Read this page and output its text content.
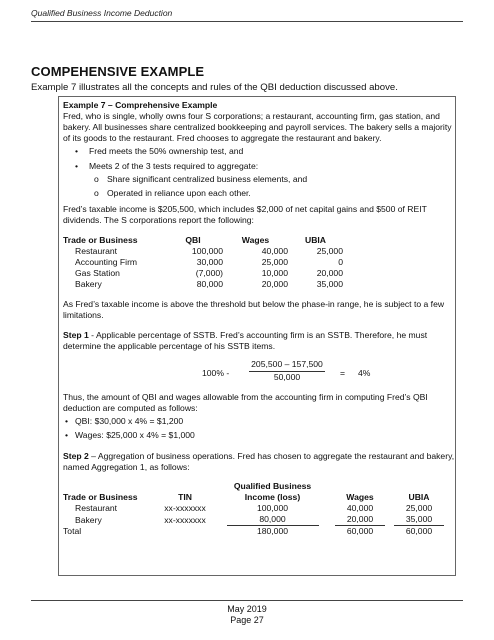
Qualified Business Income Deduction
COMPEHENSIVE EXAMPLE
Example 7 illustrates all the concepts and rules of the QBI deduction discussed above.

Example 7 – Comprehensive Example

Fred, who is single, wholly owns four S corporations; a restaurant, accounting firm, gas station, and bakery. All businesses share centralized bookkeeping and payroll services. The bakery sells a majority of its goods to the restaurant. Fred chooses to aggregate the restaurant and bakery.

• Fred meets the 50% ownership test, and
• Meets 2 of the 3 tests required to aggregate:
o Share significant centralized business elements, and
o Operated in reliance upon each other.

Fred’s taxable income is $205,500, which includes $2,000 of net capital gains and $500 of REIT dividends. The S corporations report the following:

Trade or Business	QBI	Wages	UBIA
Restaurant	100,000	40,000	25,000
Accounting Firm	30,000	25,000	0
Gas Station	(7,000)	10,000	20,000
Bakery	80,000	20,000	35,000

As Fred’s taxable income is above the threshold but below the phase-in range, he is subject to a few limitations.

Step 1 - Applicable percentage of SSTB. Fred’s accounting firm is an SSTB. Therefore, he must determine the applicable percentage of his SSTB items.

$100\% - \frac{205,500 - 157,500}{50,000} = 4\%$

Thus, the amount of QBI and wages allowable from the accounting firm in computing Fred’s QBI deduction are computed as follows:

• QBI: $30,000 x 4% = $1,200
• Wages: $25,000 x 4% = $1,000

Step 2 – Aggregation of business operations. Fred has chosen to aggregate the restaurant and bakery, named Aggregation 1, as follows:

Trade or Business	TIN	Qualified Business Income (loss)	Wages	UBIA
Restaurant	xx-xxxxxxx	100,000	40,000	25,000
Bakery	xx-xxxxxxx	80,000	20,000	35,000
Total		180,000	60,000	60,000
May 2019
Page 27
